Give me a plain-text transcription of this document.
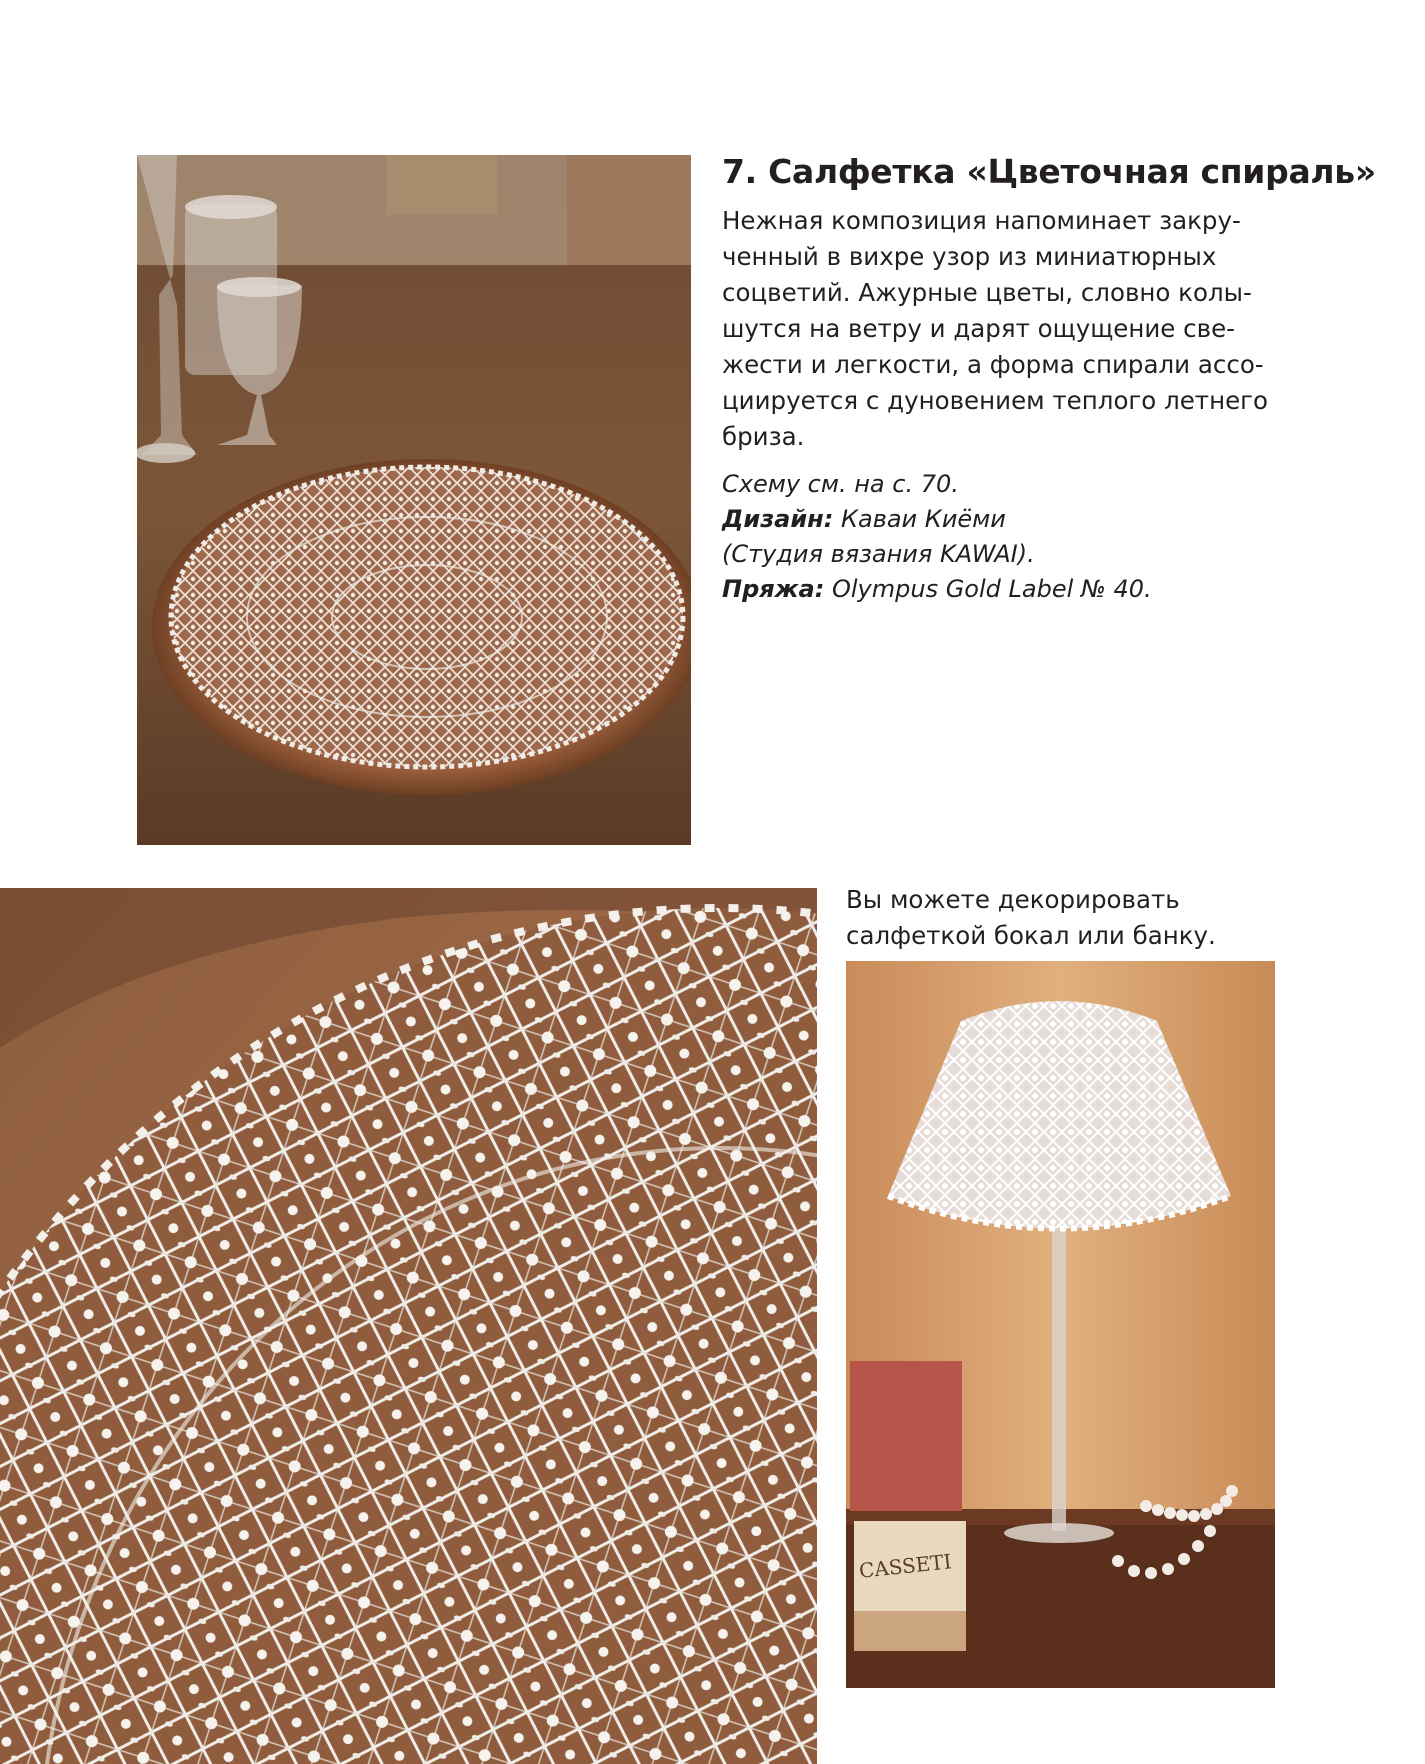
7. Салфетка «Цветочная спираль»
Нежная композиция напоминает закру-
ченный в вихре узор из миниатюрных
соцветий. Ажурные цветы, словно колы-
шутся на ветру и дарят ощущение све-
жести и легкости, а форма спирали ассо-
циируется с дуновением теплого летнего
бриза.
Схему см. на с. 70.
Дизайн: Каваи Киёми
(Студия вязания KAWAI).
Пряжа: Olympus Gold Label № 40.
Вы можете декорировать
салфеткой бокал или банку.
CASSETI
